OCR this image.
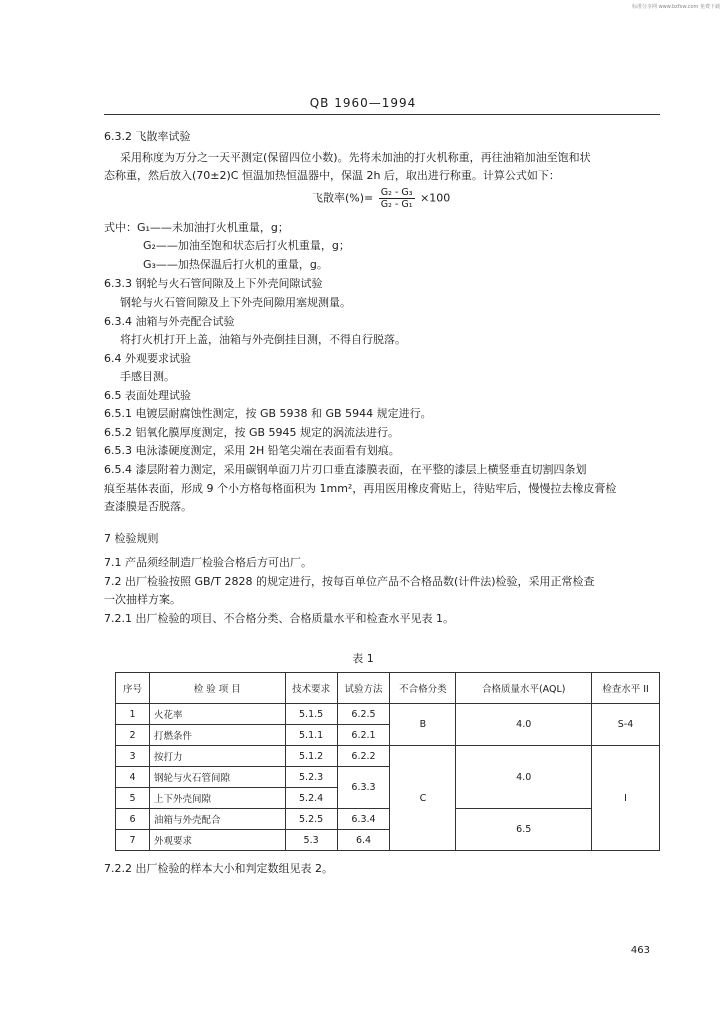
标准分享网 www.bzfxw.com 免费下载
QB 1960—1994
6.3.2 飞散率试验
采用称度为万分之一天平测定(保留四位小数)。先将未加油的打火机称重，再往油箱加油至饱和状
态称重，然后放入(70±2)C 恒温加热恒温器中，保温 2h 后，取出进行称重。计算公式如下：
飞散率(%)= $\frac{\text{G₂ - G₃}}{\text{G₂ - G₁}} \times 100$
式中：G₁——未加油打火机重量，g；
G₂——加油至饱和状态后打火机重量，g；
G₃——加热保温后打火机的重量，g。
6.3.3 钢轮与火石管间隙及上下外壳间隙试验
钢轮与火石管间隙及上下外壳间隙用塞规测量。
6.3.4 油箱与外壳配合试验
将打火机打开上盖，油箱与外壳倒挂目测，不得自行脱落。
6.4 外观要求试验
手感目测。
6.5 表面处理试验
6.5.1 电镀层耐腐蚀性测定，按 GB 5938 和 GB 5944 规定进行。
6.5.2 铝氧化膜厚度测定，按 GB 5945 规定的涡流法进行。
6.5.3 电泳漆硬度测定，采用 2H 铅笔尖端在表面看有划痕。
6.5.4 漆层附着力测定，采用碳钢单面刀片刃口垂直漆膜表面，在平整的漆层上横竖垂直切割四条划
痕至基体表面，形成 9 个小方格每格面积为 1mm²，再用医用橡皮膏贴上，待贴牢后，慢慢拉去橡皮膏检
查漆膜是否脱落。
7 检验规则
7.1 产品须经制造厂检验合格后方可出厂。
7.2 出厂检验按照 GB/T 2828 的规定进行，按每百单位产品不合格品数(计件法)检验，采用正常检查
一次抽样方案。
7.2.1 出厂检验的项目、不合格分类、合格质量水平和检查水平见表 1。
表 1
序号	检 验 项 目	技术要求	试验方法	不合格分类	合格质量水平(AQL)	检查水平 II
1	火花率	5.1.5	6.2.5	B	4.0	S-4
2	打燃条件	5.1.1	6.2.1			
3	按打力	5.1.2	6.2.2	C	4.0	I
4	钢轮与火石管间隙	5.2.3	6.3.3			
5	上下外壳间隙	5.2.4				
6	油箱与外壳配合	5.2.5	6.3.4		6.5	
7	外观要求	5.3	6.4			
7.2.2 出厂检验的样本大小和判定数组见表 2。
463
